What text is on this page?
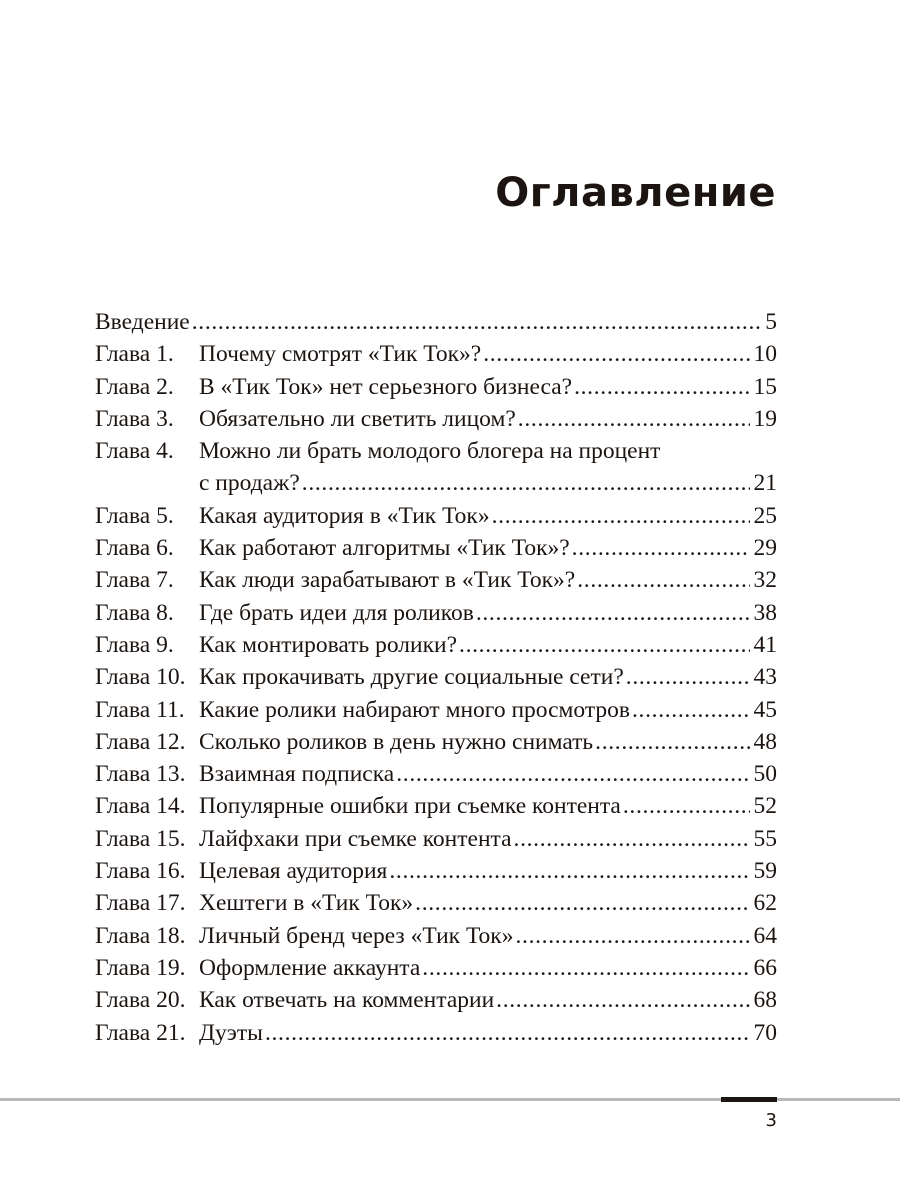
Оглавление
Введение . . .	5
Глава 1.	Почему смотрят «Тик Ток»? . . .	10
Глава 2.	В «Тик Ток» нет серьезного бизнеса? . . .	15
Глава 3.	Обязательно ли светить лицом? . . .	19
Глава 4.	Можно ли брать молодого блогера на процент
с продаж? . . .	21
Глава 5.	Какая аудитория в «Тик Ток» . . .	25
Глава 6.	Как работают алгоритмы «Тик Ток»? . . .	29
Глава 7.	Как люди зарабатывают в «Тик Ток»? . . .	32
Глава 8.	Где брать идеи для роликов . . .	38
Глава 9.	Как монтировать ролики? . . .	41
Глава 10. Как прокачивать другие социальные сети? . . .	43
Глава 11. Какие ролики набирают много просмотров . . .	45
Глава 12. Сколько роликов в день нужно снимать . . .	48
Глава 13. Взаимная подписка . . .	50
Глава 14. Популярные ошибки при съемке контента . . .	52
Глава 15. Лайфхаки при съемке контента . . .	55
Глава 16. Целевая аудитория . . .	59
Глава 17. Хештеги в «Тик Ток» . . .	62
Глава 18. Личный бренд через «Тик Ток» . . .	64
Глава 19. Оформление аккаунта . . .	66
Глава 20. Как отвечать на комментарии . . .	68
Глава 21. Дуэты . . .	70
3
